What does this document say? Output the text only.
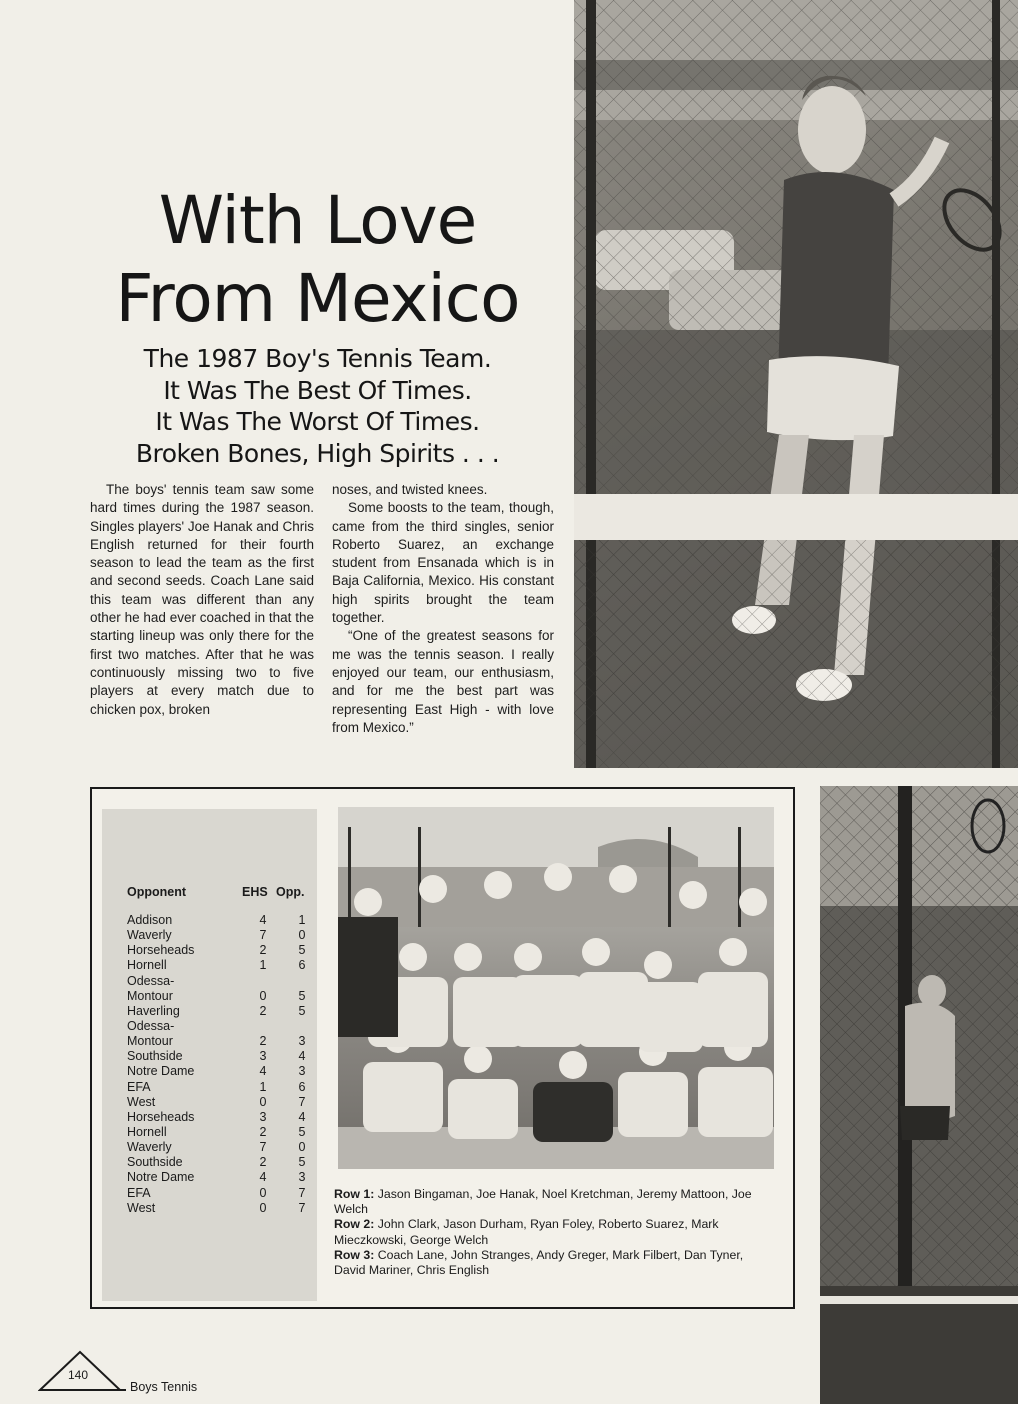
With Love
From Mexico
The 1987 Boy's Tennis Team.
It Was The Best Of Times.
It Was The Worst Of Times.
Broken Bones, High Spirits . . .

The boys' tennis team saw some hard times during the 1987 season. Singles players' Joe Hanak and Chris English returned for their fourth season to lead the team as the first and second seeds. Coach Lane said this team was different than any other he had ever coached in that the starting lineup was only there for the first two matches. After that he was continuously missing two to five players at every match due to chicken pox, broken

noses, and twisted knees.

Some boosts to the team, though, came from the third singles, senior Roberto Suarez, an exchange student from Ensanada which is in Baja California, Mexico. His constant high spirits brought the team together.

“One of the greatest seasons for me was the tennis season. I really enjoyed our team, our enthusiasm, and for me the best part was representing East High - with love from Mexico.”

Opponent	EHS Opp.
Addison	4	1
Waverly	7	0
Horseheads	2	5
Hornell	1	6
Odessa-
Montour	0	5
Haverling	2	5
Odessa-
Montour	2	3
Southside	3	4
Notre Dame	4	3
EFA	1	6
West	0	7
Horseheads	3	4
Hornell	2	5
Waverly	7	0
Southside	2	5
Notre Dame	4	3
EFA	0	7
West	0	7
Row 1: Jason Bingaman, Joe Hanak, Noel Kretchman, Jeremy Mattoon, Joe Welch
Row 2: John Clark, Jason Durham, Ryan Foley, Roberto Suarez, Mark Mieczkowski, George Welch
Row 3: Coach Lane, John Stranges, Andy Greger, Mark Filbert, Dan Tyner, David Mariner, Chris English
140
Boys Tennis
